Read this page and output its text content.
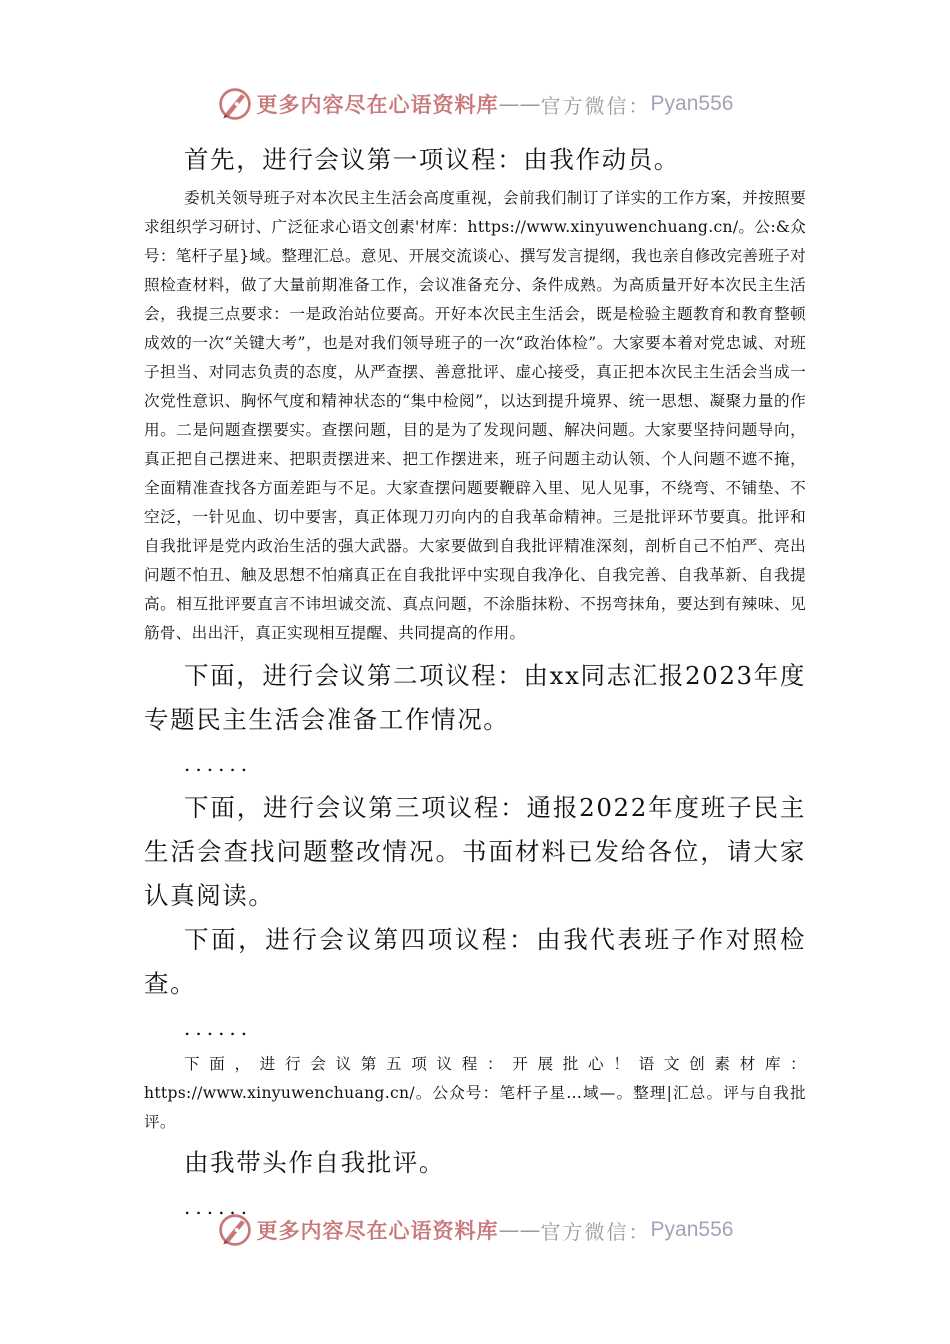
更多内容尽在心语资料库 —— 官方微信： Pyan556

首先，进行会议第一项议程：由我作动员。

委机关领导班子对本次民主生活会高度重视，会前我们制订了详实的工作方案，并按照要求组织学习研讨、广泛征求心语文创素'材库：https://www.xinyuwenchuang.cn/。公:&众号：笔杆子星}域。整理汇总。意见、开展交流谈心、撰写发言提纲，我也亲自修改完善班子对照检查材料，做了大量前期准备工作，会议准备充分、条件成熟。为高质量开好本次民主生活会，我提三点要求：一是政治站位要高。开好本次民主生活会，既是检验主题教育和教育整顿成效的一次“关键大考”，也是对我们领导班子的一次“政治体检”。大家要本着对党忠诚、对班子担当、对同志负责的态度，从严查摆、善意批评、虚心接受，真正把本次民主生活会当成一次党性意识、胸怀气度和精神状态的“集中检阅”，以达到提升境界、统一思想、凝聚力量的作用。二是问题查摆要实。查摆问题，目的是为了发现问题、解决问题。大家要坚持问题导向，真正把自己摆进来、把职责摆进来、把工作摆进来，班子问题主动认领、个人问题不遮不掩，全面精准查找各方面差距与不足。大家查摆问题要鞭辟入里、见人见事，不绕弯、不铺垫、不空泛，一针见血、切中要害，真正体现刀刃向内的自我革命精神。三是批评环节要真。批评和自我批评是党内政治生活的强大武器。大家要做到自我批评精准深刻，剖析自己不怕严、亮出问题不怕丑、触及思想不怕痛真正在自我批评中实现自我净化、自我完善、自我革新、自我提高。相互批评要直言不讳坦诚交流、真点问题，不涂脂抹粉、不拐弯抹角，要达到有辣味、见筋骨、出出汗，真正实现相互提醒、共同提高的作用。

下面，进行会议第二项议程：由xx同志汇报2023年度专题民主生活会准备工作情况。

......

下面，进行会议第三项议程：通报2022年度班子民主生活会查找问题整改情况。书面材料已发给各位，请大家认真阅读。

下面，进行会议第四项议程：由我代表班子作对照检查。

......

下面，进行会议第五项议程：开展批心！语文创素材库：https://www.xinyuwenchuang.cn/。公众号：笔杆子星…域—。整理|汇总。评与自我批评。

由我带头作自我批评。

......

更多内容尽在心语资料库 —— 官方微信： Pyan556
